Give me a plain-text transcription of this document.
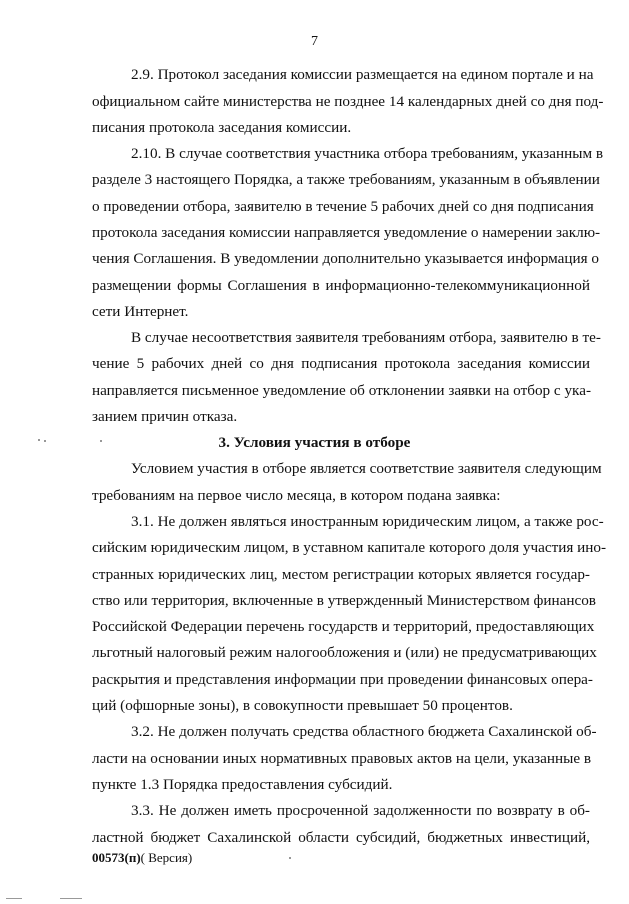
7
2.9. Протокол заседания комиссии размещается на едином портале и на
официальном сайте министерства не позднее 14 календарных дней со дня под-
писания протокола заседания комиссии.
2.10. В случае соответствия участника отбора требованиям, указанным в
разделе 3 настоящего Порядка, а также требованиям, указанным в объявлении
о проведении отбора, заявителю в течение 5 рабочих дней со дня подписания
протокола заседания комиссии направляется уведомление о намерении заклю-
чения Соглашения. В уведомлении дополнительно указывается информация о
размещении формы Соглашения в информационно-телекоммуникационной
сети Интернет.
В случае несоответствия заявителя требованиям отбора, заявителю в те-
чение 5 рабочих дней со дня подписания протокола заседания комиссии
направляется письменное уведомление об отклонении заявки на отбор с ука-
занием причин отказа.
3. Условия участия в отборе
Условием участия в отборе является соответствие заявителя следующим
требованиям на первое число месяца, в котором подана заявка:
3.1. Не должен являться иностранным юридическим лицом, а также рос-
сийским юридическим лицом, в уставном капитале которого доля участия ино-
странных юридических лиц, местом регистрации которых является государ-
ство или территория, включенные в утвержденный Министерством финансов
Российской Федерации перечень государств и территорий, предоставляющих
льготный налоговый режим налогообложения и (или) не предусматривающих
раскрытия и представления информации при проведении финансовых опера-
ций (офшорные зоны), в совокупности превышает 50 процентов.
3.2. Не должен получать средства областного бюджета Сахалинской об-
ласти на основании иных нормативных правовых актов на цели, указанные в
пункте 1.3 Порядка предоставления субсидий.
3.3. Не должен иметь просроченной задолженности по возврату в об-
ластной бюджет Сахалинской области субсидий, бюджетных инвестиций,
00573(п)( Версия)
